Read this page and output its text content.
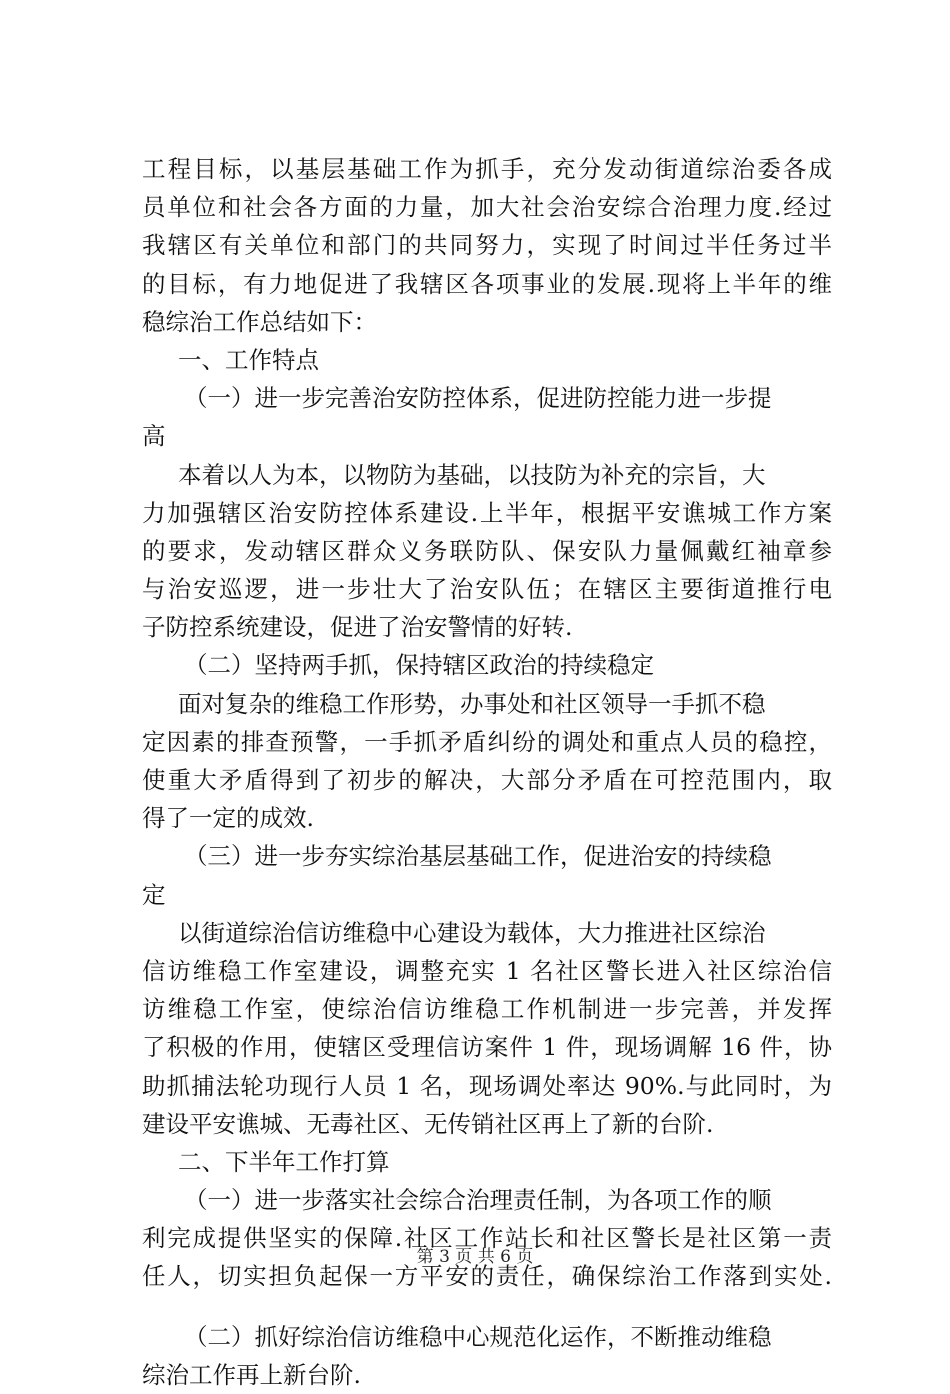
工程目标，以基层基础工作为抓手，充分发动街道综治委各成
员单位和社会各方面的力量，加大社会治安综合治理力度.经过
我辖区有关单位和部门的共同努力，实现了时间过半任务过半
的目标，有力地促进了我辖区各项事业的发展.现将上半年的维
稳综治工作总结如下：
一、工作特点
（一）进一步完善治安防控体系，促进防控能力进一步提
高
本着以人为本，以物防为基础，以技防为补充的宗旨，大
力加强辖区治安防控体系建设.上半年，根据平安谯城工作方案
的要求，发动辖区群众义务联防队、保安队力量佩戴红袖章参
与治安巡逻，进一步壮大了治安队伍；在辖区主要街道推行电
子防控系统建设，促进了治安警情的好转.
（二）坚持两手抓，保持辖区政治的持续稳定
面对复杂的维稳工作形势，办事处和社区领导一手抓不稳
定因素的排查预警，一手抓矛盾纠纷的调处和重点人员的稳控，
使重大矛盾得到了初步的解决，大部分矛盾在可控范围内，取
得了一定的成效.
（三）进一步夯实综治基层基础工作，促进治安的持续稳
定
以街道综治信访维稳中心建设为载体，大力推进社区综治
信访维稳工作室建设，调整充实 1 名社区警长进入社区综治信
访维稳工作室，使综治信访维稳工作机制进一步完善，并发挥
了积极的作用，使辖区受理信访案件 1 件，现场调解 16 件，协
助抓捕法轮功现行人员 1 名，现场调处率达 90%.与此同时，为
建设平安谯城、无毒社区、无传销社区再上了新的台阶.
二、下半年工作打算
（一）进一步落实社会综合治理责任制，为各项工作的顺
利完成提供坚实的保障.社区工作站长和社区警长是社区第一责
任人，切实担负起保一方平安的责任，确保综治工作落到实处.
（二）抓好综治信访维稳中心规范化运作，不断推动维稳
综治工作再上新台阶.
第 3 页 共 6 页
